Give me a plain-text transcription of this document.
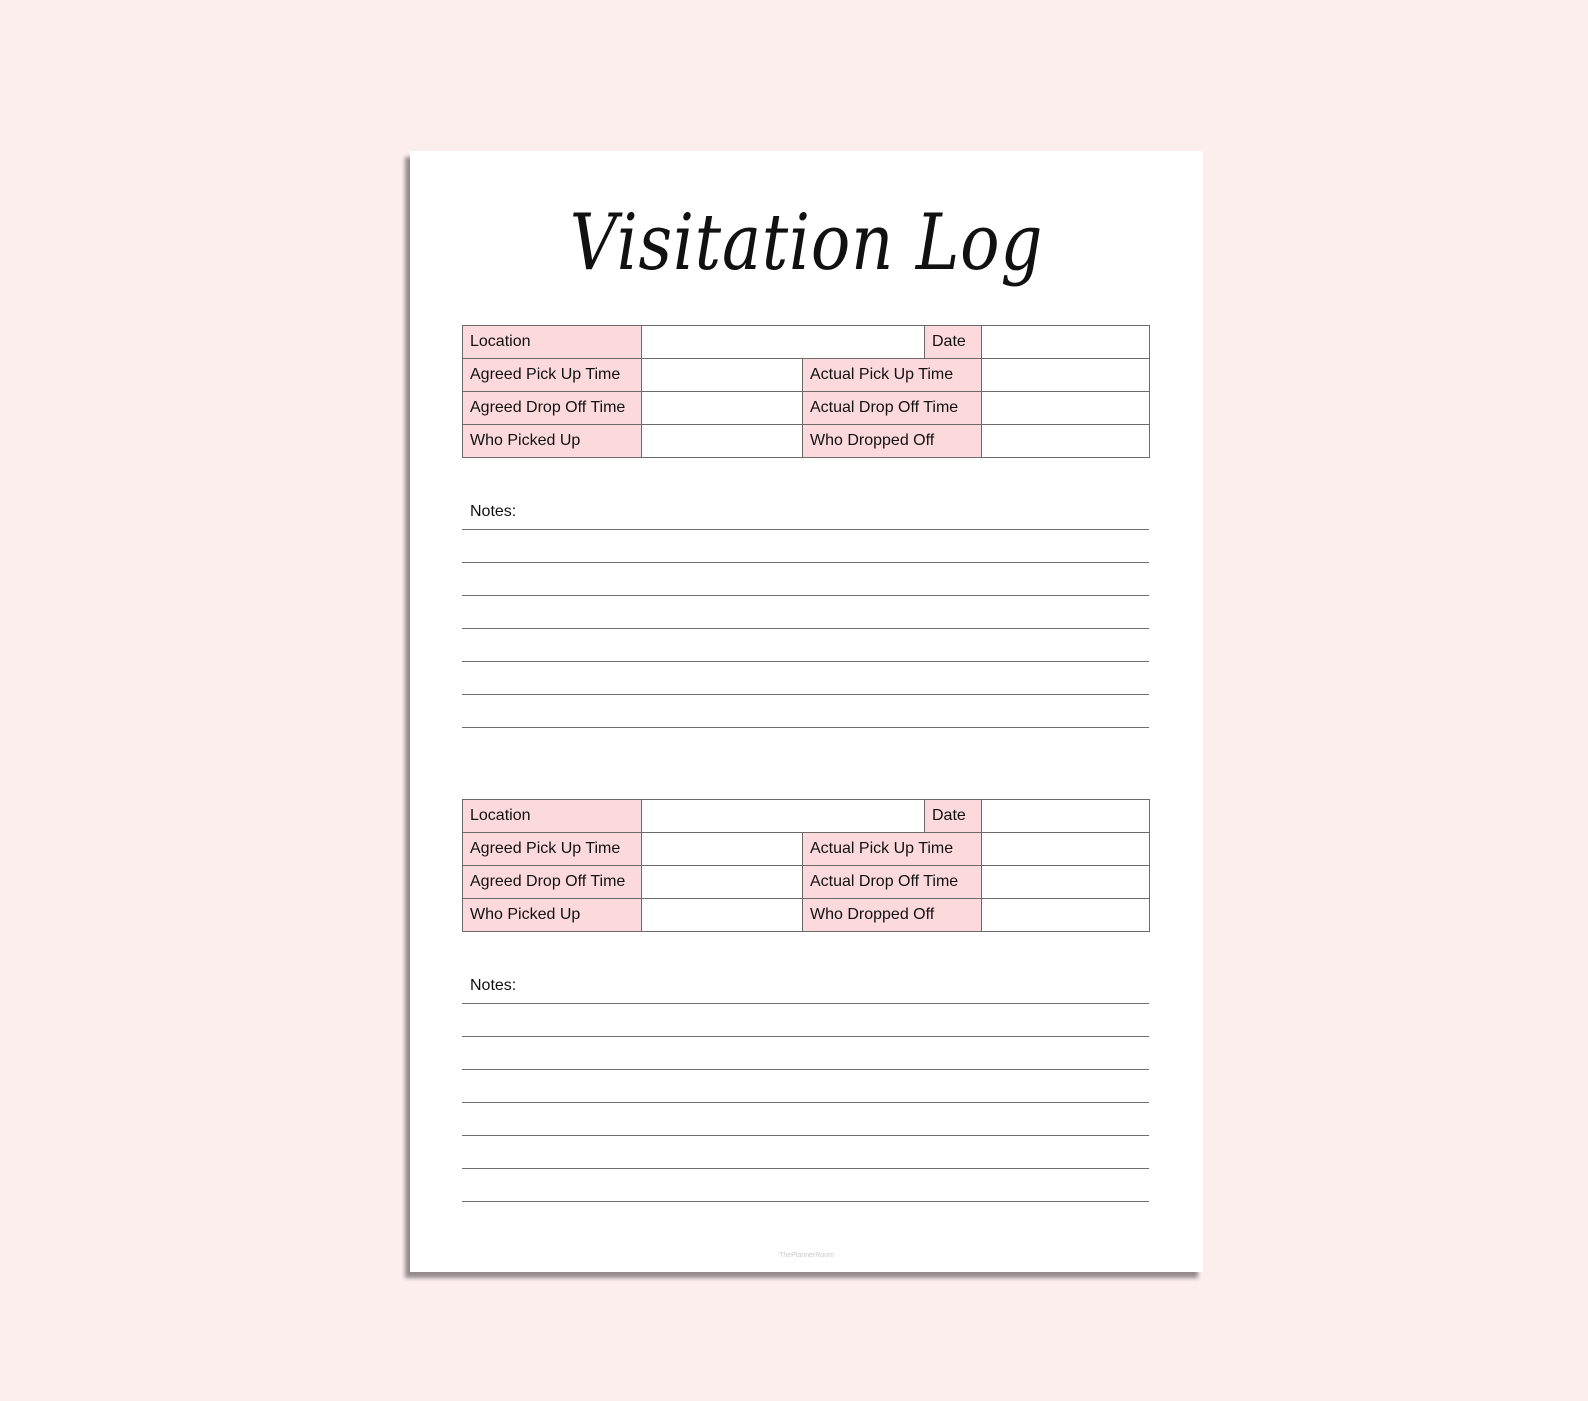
Visitation Log
Location			Date	
Agreed Pick Up Time		Actual Pick Up Time		
Agreed Drop Off Time		Actual Drop Off Time		
Who Picked Up		Who Dropped Off		
Notes:
Location			Date	
Agreed Pick Up Time		Actual Pick Up Time		
Agreed Drop Off Time		Actual Drop Off Time		
Who Picked Up		Who Dropped Off		
Notes:
ThePlannerRoom
